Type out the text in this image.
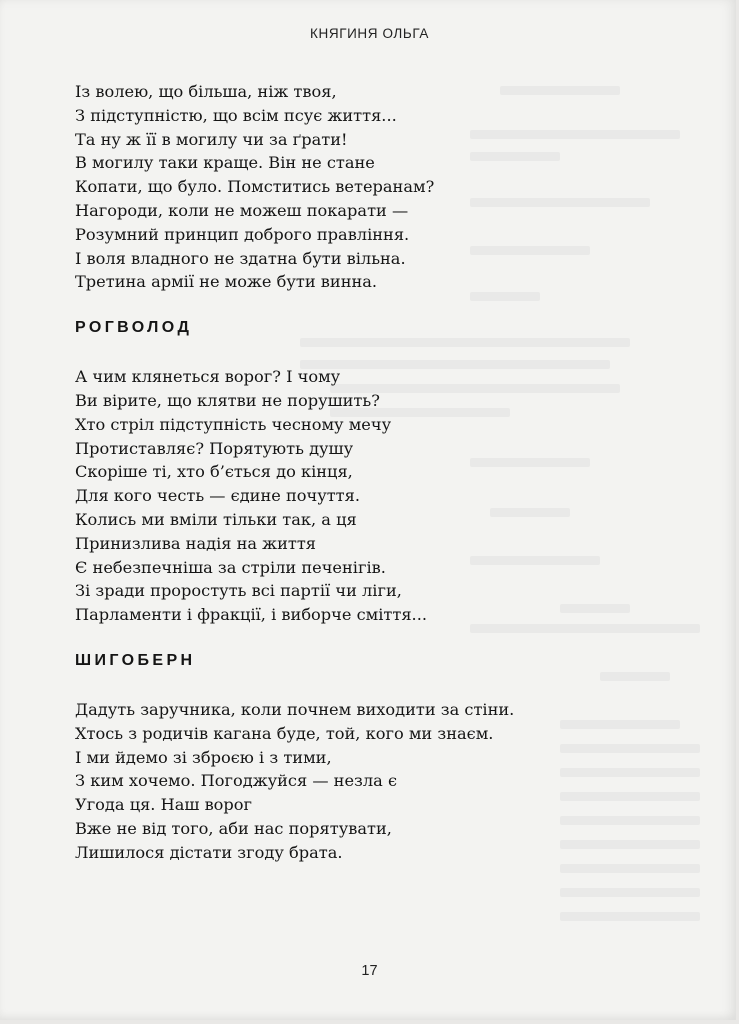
КНЯГИНЯ ОЛЬГА
Із волею, що більша, ніж твоя,
З підступністю, що всім псує життя...
Та ну ж її в могилу чи за ґрати!
В могилу таки краще. Він не стане
Копати, що було. Помститись ветеранам?
Нагороди, коли не можеш покарати —
Розумний принцип доброго правління.
І воля владного не здатна бути вільна.
Третина армії не може бути винна.
РОГВОЛОД
А чим клянеться ворог? І чому
Ви вірите, що клятви не порушить?
Хто стріл підступність чесному мечу
Протиставляє? Порятують душу
Скоріше ті, хто б’ється до кінця,
Для кого честь — єдине почуття.
Колись ми вміли тільки так, а ця
Принизлива надія на життя
Є небезпечніша за стріли печенігів.
Зі зради проростуть всі партії чи ліги,
Парламенти і фракції, і виборче сміття...
ШИГОБЕРН
Дадуть заручника, коли почнем виходити за стіни.
Хтось з родичів кагана буде, той, кого ми знаєм.
І ми йдемо зі зброєю і з тими,
З ким хочемо. Погоджуйся — незла є
Угода ця. Наш ворог
Вже не від того, аби нас порятувати,
Лишилося дістати згоду брата.
17
